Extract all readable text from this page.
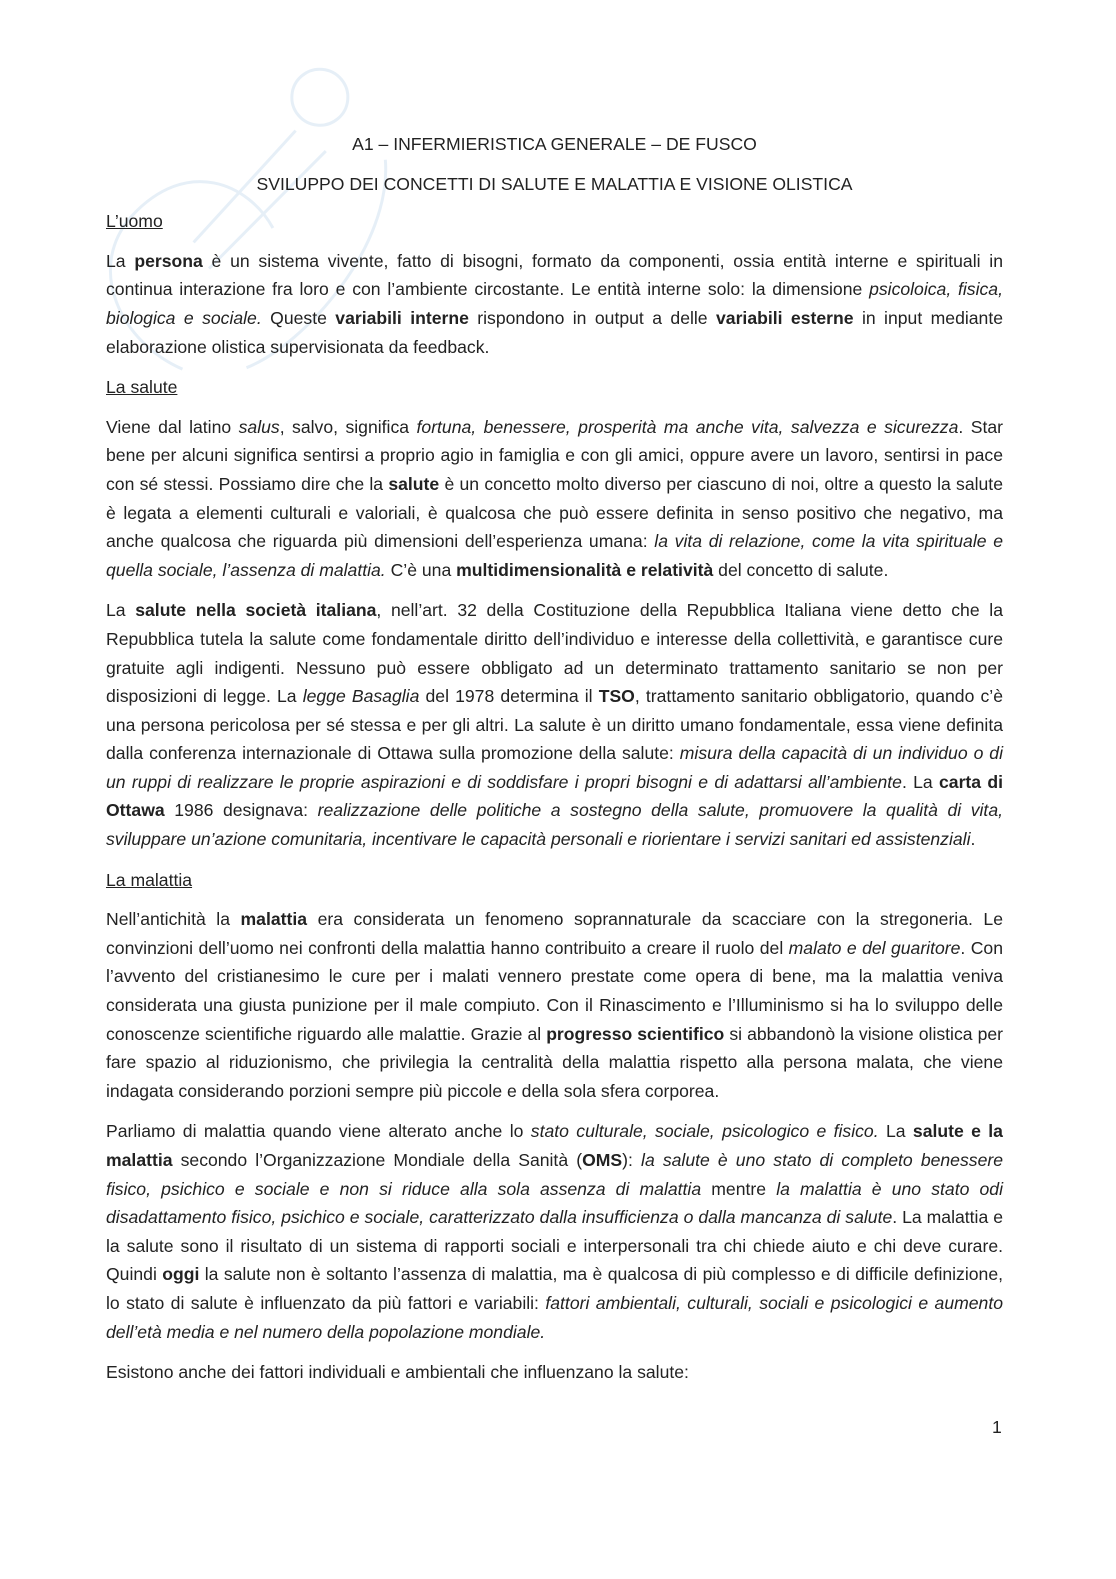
A1 – INFERMIERISTICA GENERALE – DE FUSCO
SVILUPPO DEI CONCETTI DI SALUTE E MALATTIA E VISIONE OLISTICA
L’uomo

La persona è un sistema vivente, fatto di bisogni, formato da componenti, ossia entità interne e spirituali in continua interazione fra loro e con l’ambiente circostante. Le entità interne solo: la dimensione psicoloica, fisica, biologica e sociale. Queste variabili interne rispondono in output a delle variabili esterne in input mediante elaborazione olistica supervisionata da feedback.

La salute

Viene dal latino salus, salvo, significa fortuna, benessere, prosperità ma anche vita, salvezza e sicurezza. Star bene per alcuni significa sentirsi a proprio agio in famiglia e con gli amici, oppure avere un lavoro, sentirsi in pace con sé stessi. Possiamo dire che la salute è un concetto molto diverso per ciascuno di noi, oltre a questo la salute è legata a elementi culturali e valoriali, è qualcosa che può essere definita in senso positivo che negativo, ma anche qualcosa che riguarda più dimensioni dell’esperienza umana: la vita di relazione, come la vita spirituale e quella sociale, l’assenza di malattia. C’è una multidimensionalità e relatività del concetto di salute.

La salute nella società italiana, nell’art. 32 della Costituzione della Repubblica Italiana viene detto che la Repubblica tutela la salute come fondamentale diritto dell’individuo e interesse della collettività, e garantisce cure gratuite agli indigenti. Nessuno può essere obbligato ad un determinato trattamento sanitario se non per disposizioni di legge. La legge Basaglia del 1978 determina il TSO, trattamento sanitario obbligatorio, quando c’è una persona pericolosa per sé stessa e per gli altri. La salute è un diritto umano fondamentale, essa viene definita dalla conferenza internazionale di Ottawa sulla promozione della salute: misura della capacità di un individuo o di un ruppi di realizzare le proprie aspirazioni e di soddisfare i propri bisogni e di adattarsi all’ambiente. La carta di Ottawa 1986 designava: realizzazione delle politiche a sostegno della salute, promuovere la qualità di vita, sviluppare un’azione comunitaria, incentivare le capacità personali e riorientare i servizi sanitari ed assistenziali.

La malattia

Nell’antichità la malattia era considerata un fenomeno soprannaturale da scacciare con la stregoneria. Le convinzioni dell’uomo nei confronti della malattia hanno contribuito a creare il ruolo del malato e del guaritore. Con l’avvento del cristianesimo le cure per i malati vennero prestate come opera di bene, ma la malattia veniva considerata una giusta punizione per il male compiuto. Con il Rinascimento e l’Illuminismo si ha lo sviluppo delle conoscenze scientifiche riguardo alle malattie. Grazie al progresso scientifico si abbandonò la visione olistica per fare spazio al riduzionismo, che privilegia la centralità della malattia rispetto alla persona malata, che viene indagata considerando porzioni sempre più piccole e della sola sfera corporea.

Parliamo di malattia quando viene alterato anche lo stato culturale, sociale, psicologico e fisico. La salute e la malattia secondo l’Organizzazione Mondiale della Sanità (OMS): la salute è uno stato di completo benessere fisico, psichico e sociale e non si riduce alla sola assenza di malattia mentre la malattia è uno stato odi disadattamento fisico, psichico e sociale, caratterizzato dalla insufficienza o dalla mancanza di salute. La malattia e la salute sono il risultato di un sistema di rapporti sociali e interpersonali tra chi chiede aiuto e chi deve curare. Quindi oggi la salute non è soltanto l’assenza di malattia, ma è qualcosa di più complesso e di difficile definizione, lo stato di salute è influenzato da più fattori e variabili: fattori ambientali, culturali, sociali e psicologici e aumento dell’età media e nel numero della popolazione mondiale.

Esistono anche dei fattori individuali e ambientali che influenzano la salute:

1
